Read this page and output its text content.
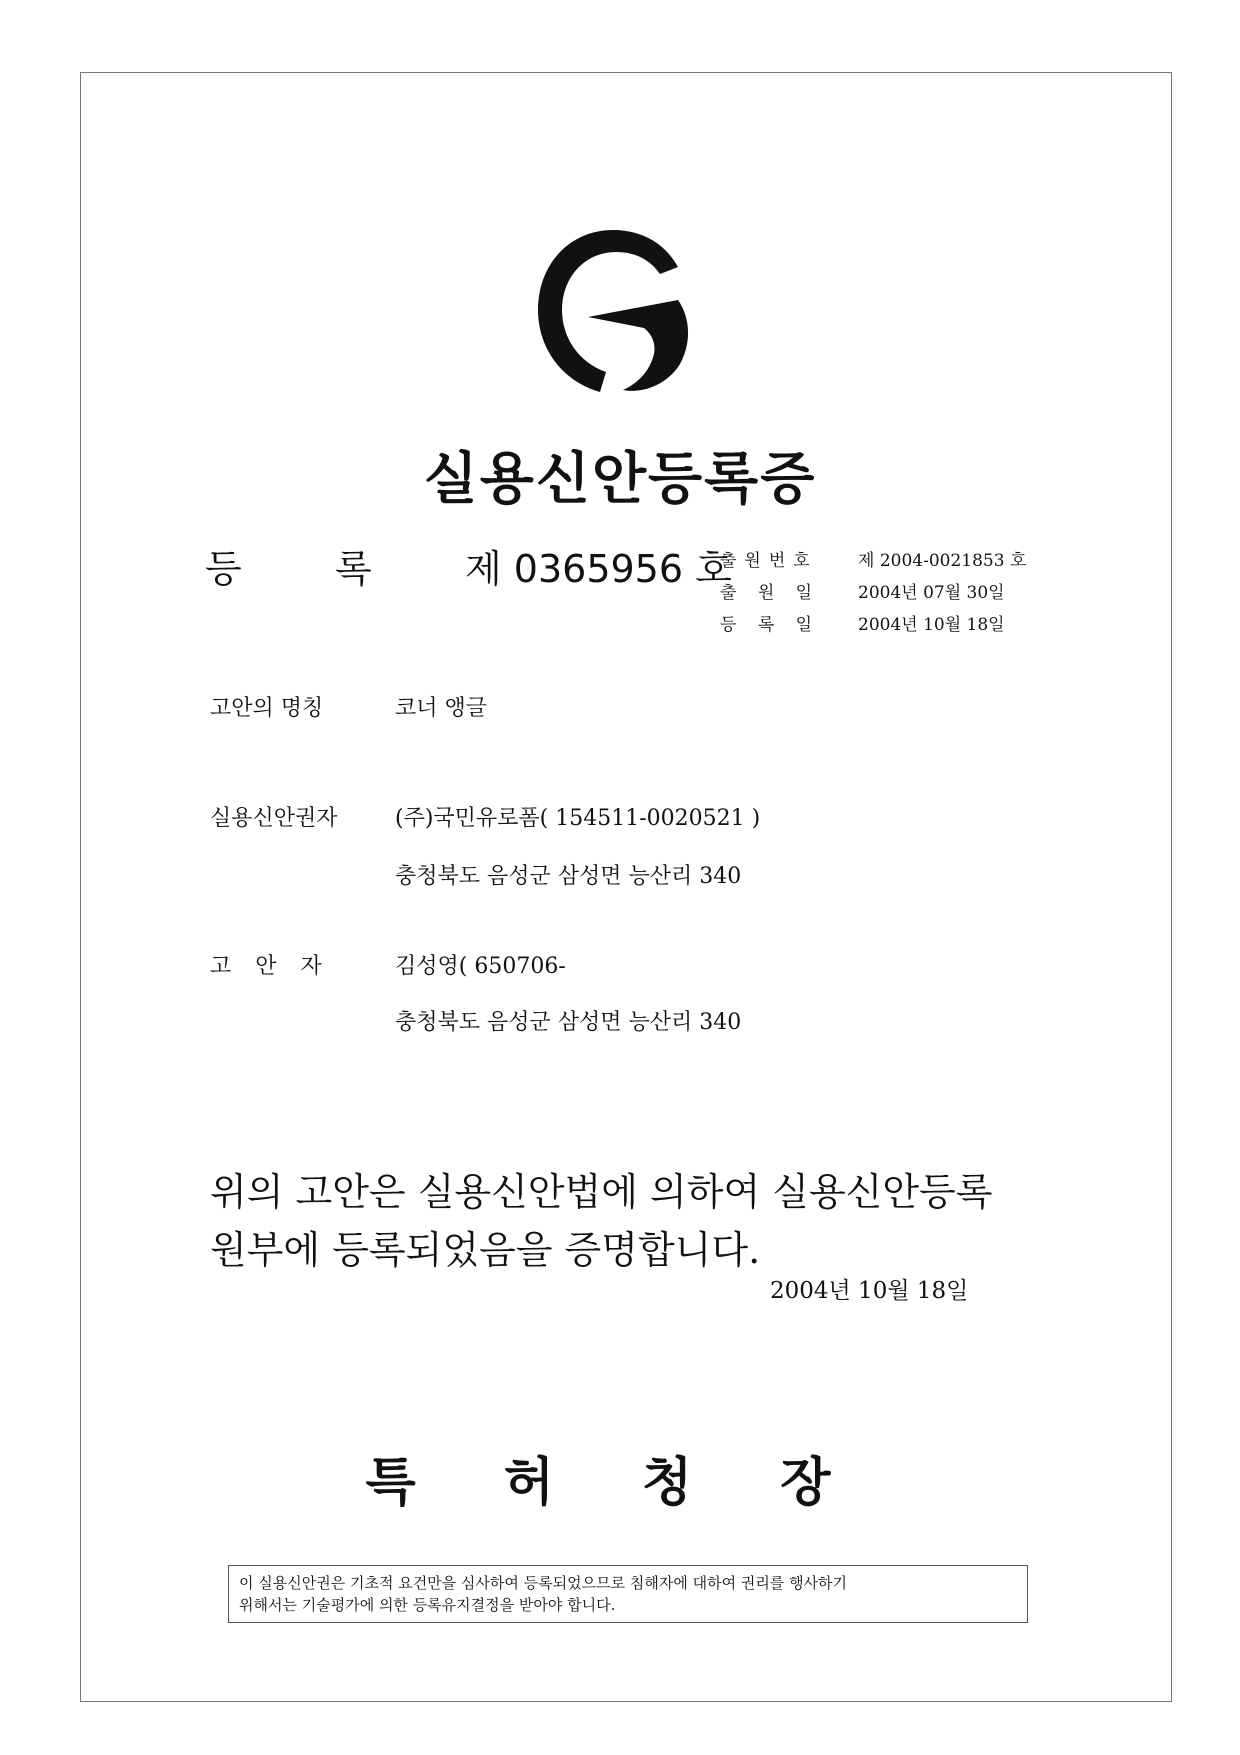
실용신안등록증
등 록 제 0365956 호
출원번호 제 2004-0021853 호
출 원 일 2004년 07월 30일
등 록 일 2004년 10월 18일
고안의 명칭	코너 앵글
실용신안권자	(주)국민유로폼( 154511-0020521 )
충청북도 음성군 삼성면 능산리 340
고안자	김성영( 650706-
충청북도 음성군 삼성면 능산리 340
위의 고안은 실용신안법에 의하여 실용신안등록
원부에 등록되었음을 증명합니다.
2004년 10월 18일
특허청장
이 실용신안권은 기초적 요건만을 심사하여 등록되었으므로 침해자에 대하여 권리를 행사하기
위해서는 기술평가에 의한 등록유지결정을 받아야 합니다.
